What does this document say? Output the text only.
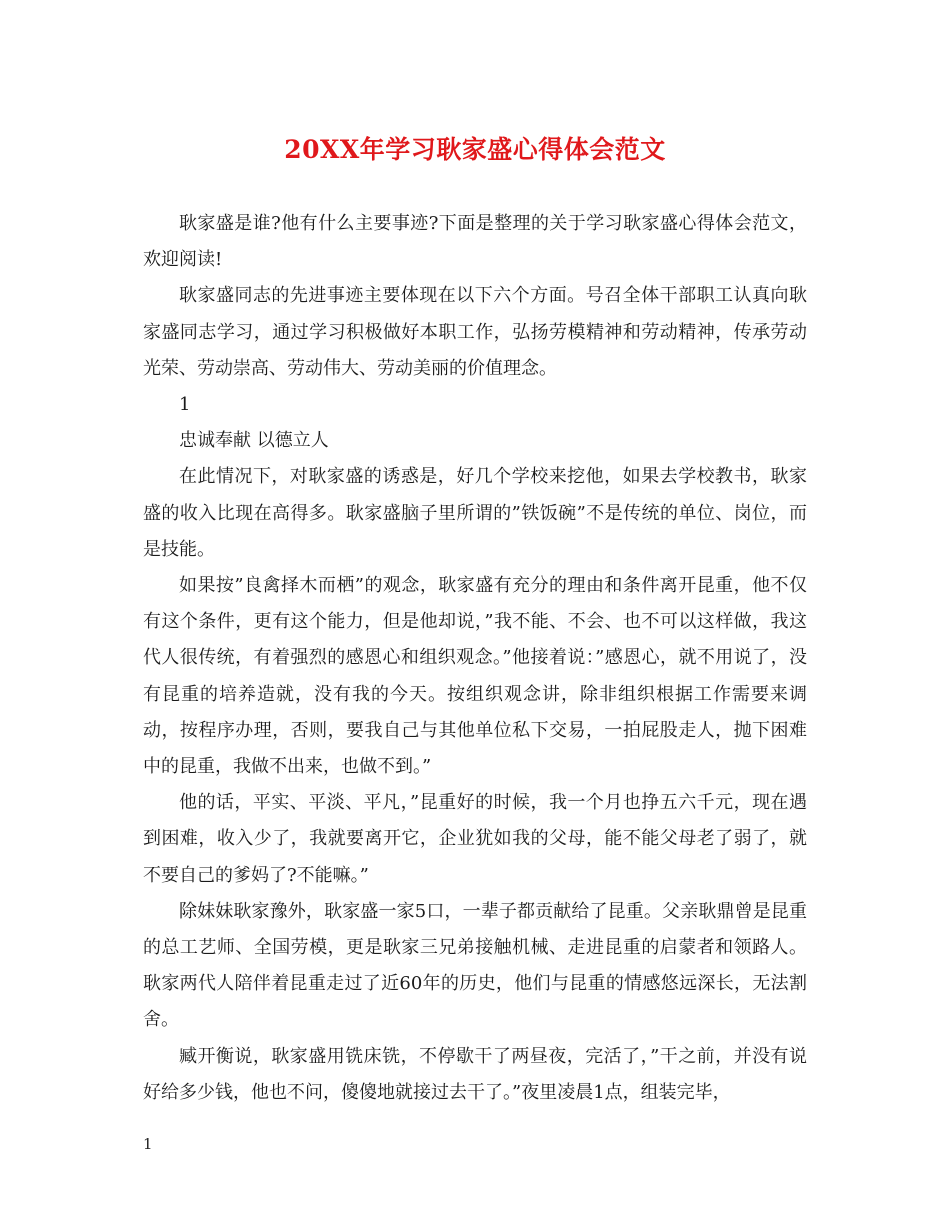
20XX年学习耿家盛心得体会范文

耿家盛是谁?他有什么主要事迹?下面是整理的关于学习耿家盛心得体会范文，欢迎阅读!

耿家盛同志的先进事迹主要体现在以下六个方面。号召全体干部职工认真向耿家盛同志学习，通过学习积极做好本职工作，弘扬劳模精神和劳动精神，传承劳动光荣、劳动崇高、劳动伟大、劳动美丽的价值理念。

1

忠诚奉献 以德立人

在此情况下，对耿家盛的诱惑是，好几个学校来挖他，如果去学校教书，耿家盛的收入比现在高得多。耿家盛脑子里所谓的”铁饭碗”不是传统的单位、岗位，而是技能。

如果按”良禽择木而栖”的观念，耿家盛有充分的理由和条件离开昆重，他不仅有这个条件，更有这个能力，但是他却说，”我不能、不会、也不可以这样做，我这代人很传统，有着强烈的感恩心和组织观念。”他接着说：”感恩心，就不用说了，没有昆重的培养造就，没有我的今天。按组织观念讲，除非组织根据工作需要来调动，按程序办理，否则，要我自己与其他单位私下交易，一拍屁股走人，抛下困难中的昆重，我做不出来，也做不到。”

他的话，平实、平淡、平凡，”昆重好的时候，我一个月也挣五六千元，现在遇到困难，收入少了，我就要离开它，企业犹如我的父母，能不能父母老了弱了，就不要自己的爹妈了?不能嘛。”

除妹妹耿家豫外，耿家盛一家5口，一辈子都贡献给了昆重。父亲耿鼎曾是昆重的总工艺师、全国劳模，更是耿家三兄弟接触机械、走进昆重的启蒙者和领路人。耿家两代人陪伴着昆重走过了近60年的历史，他们与昆重的情感悠远深长，无法割舍。

臧开衡说，耿家盛用铣床铣，不停歇干了两昼夜，完活了，”干之前，并没有说好给多少钱，他也不问，傻傻地就接过去干了。”夜里凌晨1点，组装完毕，

1
